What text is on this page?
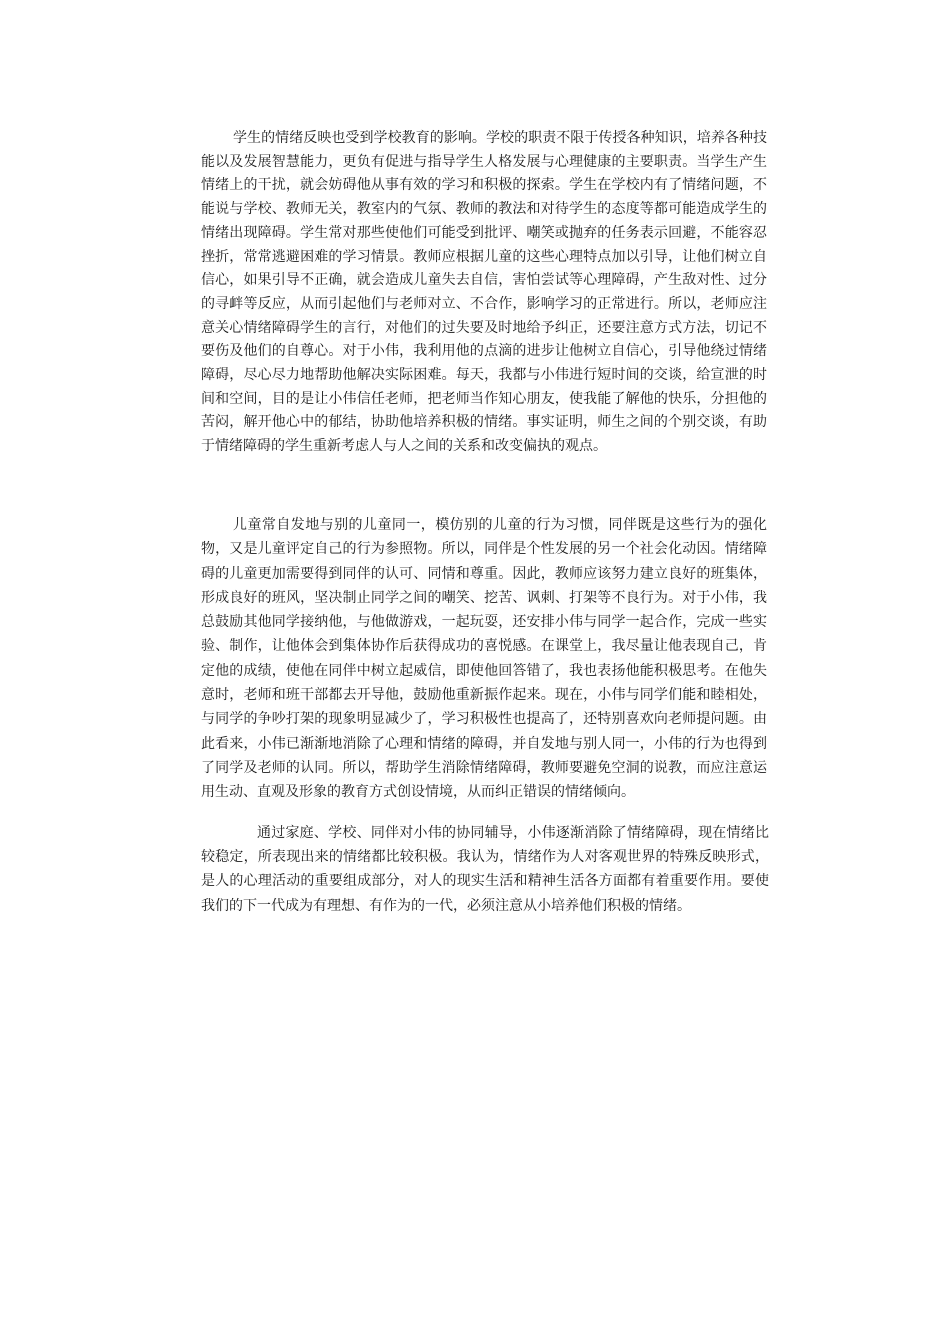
学生的情绪反映也受到学校教育的影响。学校的职责不限于传授各种知识，培养各种技能以及发展智慧能力，更负有促进与指导学生人格发展与心理健康的主要职责。当学生产生情绪上的干扰，就会妨碍他从事有效的学习和积极的探索。学生在学校内有了情绪问题，不能说与学校、教师无关，教室内的气氛、教师的教法和对待学生的态度等都可能造成学生的情绪出现障碍。学生常对那些使他们可能受到批评、嘲笑或抛弃的任务表示回避，不能容忍挫折，常常逃避困难的学习情景。教师应根据儿童的这些心理特点加以引导，让他们树立自信心，如果引导不正确，就会造成儿童失去自信，害怕尝试等心理障碍，产生敌对性、过分的寻衅等反应，从而引起他们与老师对立、不合作，影响学习的正常进行。所以，老师应注意关心情绪障碍学生的言行，对他们的过失要及时地给予纠正，还要注意方式方法，切记不要伤及他们的自尊心。对于小伟，我利用他的点滴的进步让他树立自信心，引导他绕过情绪障碍，尽心尽力地帮助他解决实际困难。每天，我都与小伟进行短时间的交谈，给宣泄的时间和空间，目的是让小伟信任老师，把老师当作知心朋友，使我能了解他的快乐，分担他的苦闷，解开他心中的郁结，协助他培养积极的情绪。事实证明，师生之间的个别交谈，有助于情绪障碍的学生重新考虑人与人之间的关系和改变偏执的观点。

儿童常自发地与别的儿童同一，模仿别的儿童的行为习惯，同伴既是这些行为的强化物，又是儿童评定自己的行为参照物。所以，同伴是个性发展的另一个社会化动因。情绪障碍的儿童更加需要得到同伴的认可、同情和尊重。因此，教师应该努力建立良好的班集体，形成良好的班风，坚决制止同学之间的嘲笑、挖苦、讽刺、打架等不良行为。对于小伟，我总鼓励其他同学接纳他，与他做游戏，一起玩耍，还安排小伟与同学一起合作，完成一些实验、制作，让他体会到集体协作后获得成功的喜悦感。在课堂上，我尽量让他表现自己，肯定他的成绩，使他在同伴中树立起威信，即使他回答错了，我也表扬他能积极思考。在他失意时，老师和班干部都去开导他，鼓励他重新振作起来。现在，小伟与同学们能和睦相处，与同学的争吵打架的现象明显减少了，学习积极性也提高了，还特别喜欢向老师提问题。由此看来，小伟已渐渐地消除了心理和情绪的障碍，并自发地与别人同一，小伟的行为也得到了同学及老师的认同。所以，帮助学生消除情绪障碍，教师要避免空洞的说教，而应注意运用生动、直观及形象的教育方式创设情境，从而纠正错误的情绪倾向。

通过家庭、学校、同伴对小伟的协同辅导，小伟逐渐消除了情绪障碍，现在情绪比较稳定，所表现出来的情绪都比较积极。我认为，情绪作为人对客观世界的特殊反映形式，是人的心理活动的重要组成部分，对人的现实生活和精神生活各方面都有着重要作用。要使我们的下一代成为有理想、有作为的一代，必须注意从小培养他们积极的情绪。
